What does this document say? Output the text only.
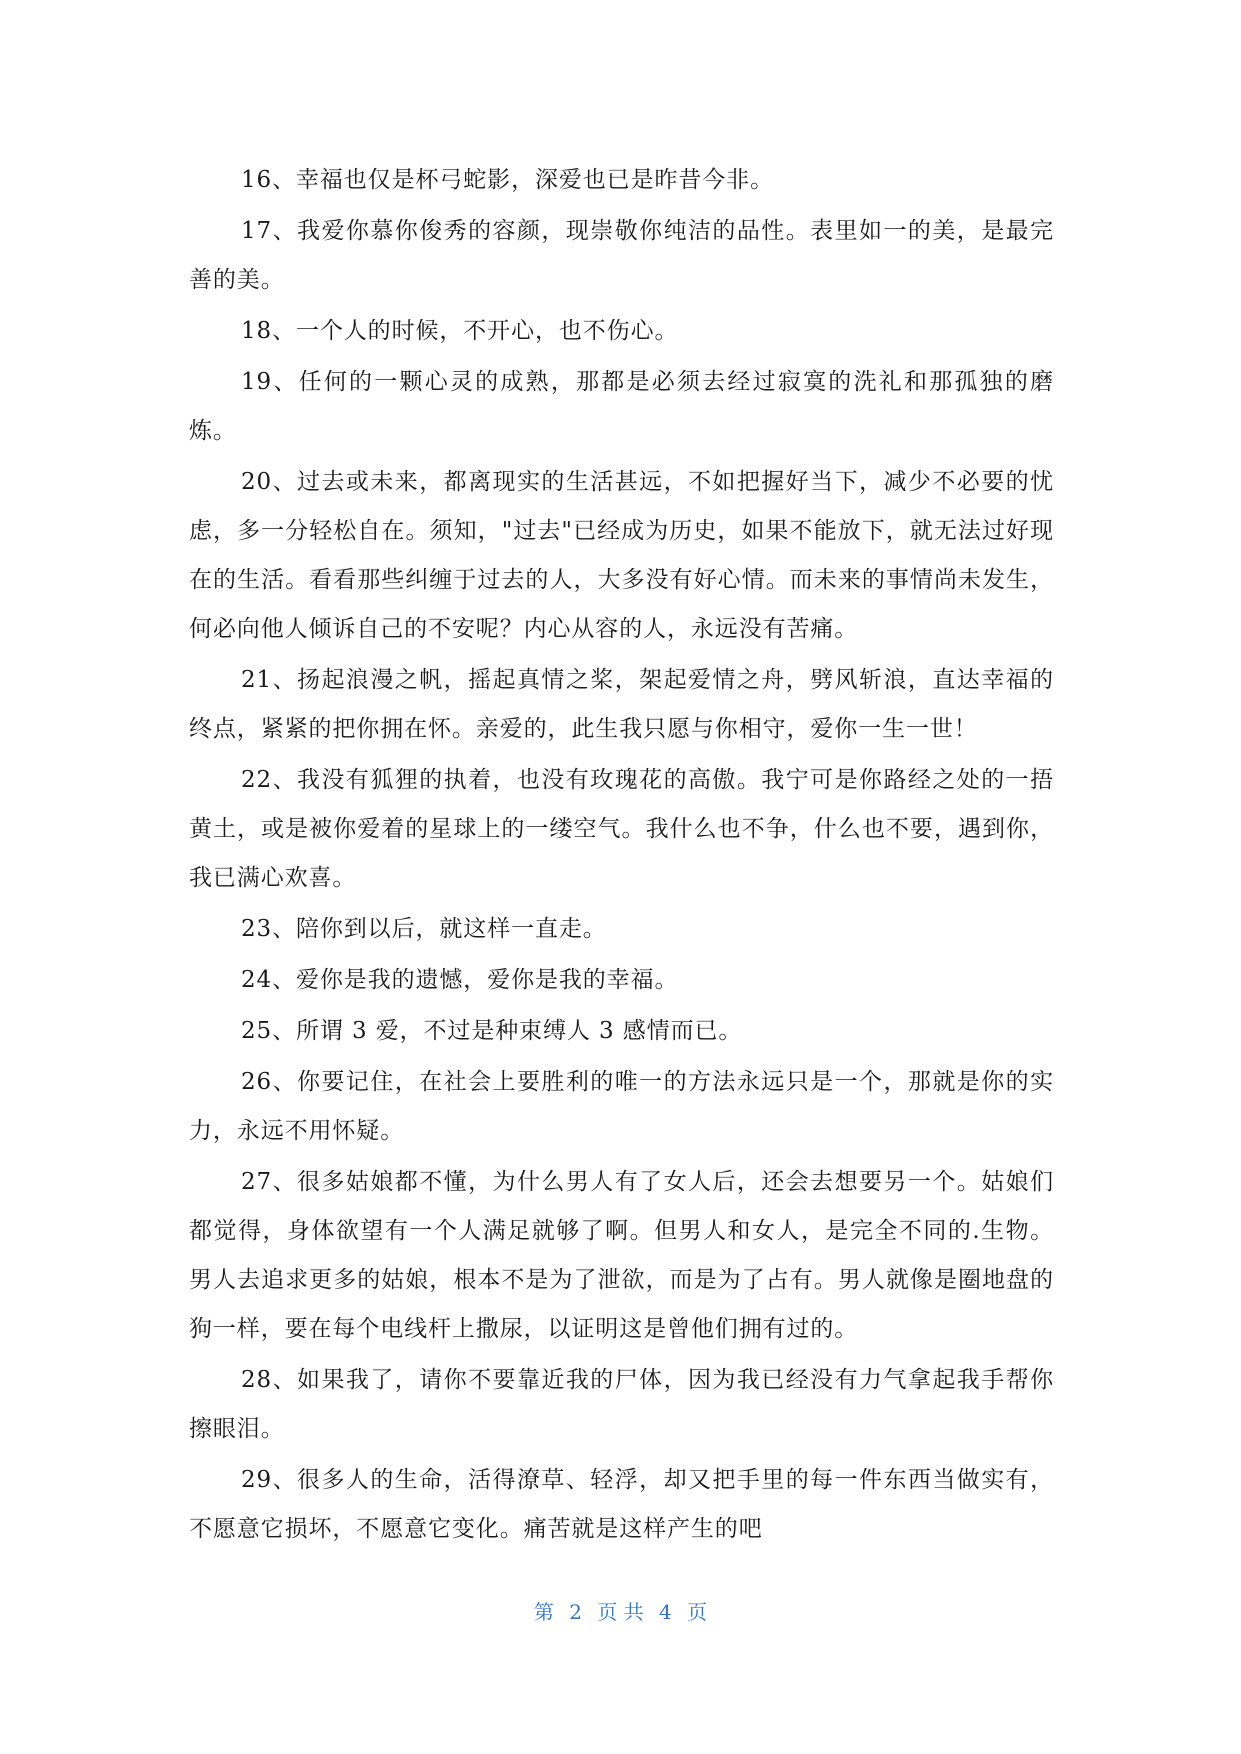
16、幸福也仅是杯弓蛇影，深爱也已是昨昔今非。

17、我爱你慕你俊秀的容颜，现崇敬你纯洁的品性。表里如一的美，是最完善的美。

18、一个人的时候，不开心，也不伤心。

19、任何的一颗心灵的成熟，那都是必须去经过寂寞的洗礼和那孤独的磨炼。

20、过去或未来，都离现实的生活甚远，不如把握好当下，减少不必要的忧虑，多一分轻松自在。须知，"过去"已经成为历史，如果不能放下，就无法过好现在的生活。看看那些纠缠于过去的人，大多没有好心情。而未来的事情尚未发生，何必向他人倾诉自己的不安呢？内心从容的人，永远没有苦痛。

21、扬起浪漫之帆，摇起真情之桨，架起爱情之舟，劈风斩浪，直达幸福的终点，紧紧的把你拥在怀。亲爱的，此生我只愿与你相守，爱你一生一世！

22、我没有狐狸的执着，也没有玫瑰花的高傲。我宁可是你路经之处的一捂黄土，或是被你爱着的星球上的一缕空气。我什么也不争，什么也不要，遇到你，我已满心欢喜。

23、陪你到以后，就这样一直走。

24、爱你是我的遗憾，爱你是我的幸福。

25、所谓 3 爱，不过是种束缚人 3 感情而已。

26、你要记住，在社会上要胜利的唯一的方法永远只是一个，那就是你的实力，永远不用怀疑。

27、很多姑娘都不懂，为什么男人有了女人后，还会去想要另一个。姑娘们都觉得，身体欲望有一个人满足就够了啊。但男人和女人，是完全不同的.生物。男人去追求更多的姑娘，根本不是为了泄欲，而是为了占有。男人就像是圈地盘的狗一样，要在每个电线杆上撒尿，以证明这是曾他们拥有过的。

28、如果我了，请你不要靠近我的尸体，因为我已经没有力气拿起我手帮你擦眼泪。

29、很多人的生命，活得潦草、轻浮，却又把手里的每一件东西当做实有，不愿意它损坏，不愿意它变化。痛苦就是这样产生的吧

第 2 页 共 4 页
